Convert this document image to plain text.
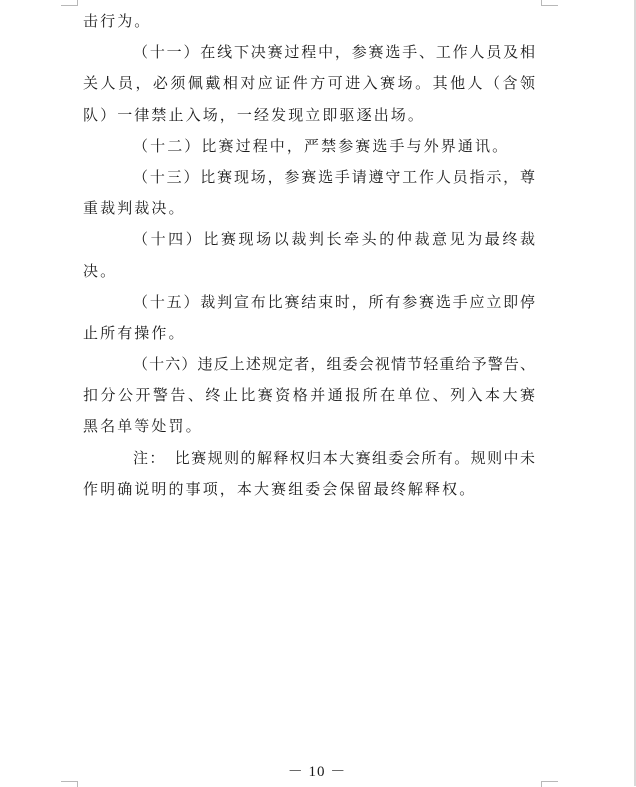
击行为。
（十一）在线下决赛过程中，参赛选手、工作人员及相
关人员，必须佩戴相对应证件方可进入赛场。其他人（含领
队）一律禁止入场，一经发现立即驱逐出场。
（十二）比赛过程中，严禁参赛选手与外界通讯。
（十三）比赛现场，参赛选手请遵守工作人员指示，尊
重裁判裁决。
（十四）比赛现场以裁判长牵头的仲裁意见为最终裁
决。
（十五）裁判宣布比赛结束时，所有参赛选手应立即停
止所有操作。
（十六）违反上述规定者，组委会视情节轻重给予警告、
扣分公开警告、终止比赛资格并通报所在单位、列入本大赛
黑名单等处罚。
注：　比赛规则的解释权归本大赛组委会所有。规则中未
作明确说明的事项，本大赛组委会保留最终解释权。
－ 10 －
